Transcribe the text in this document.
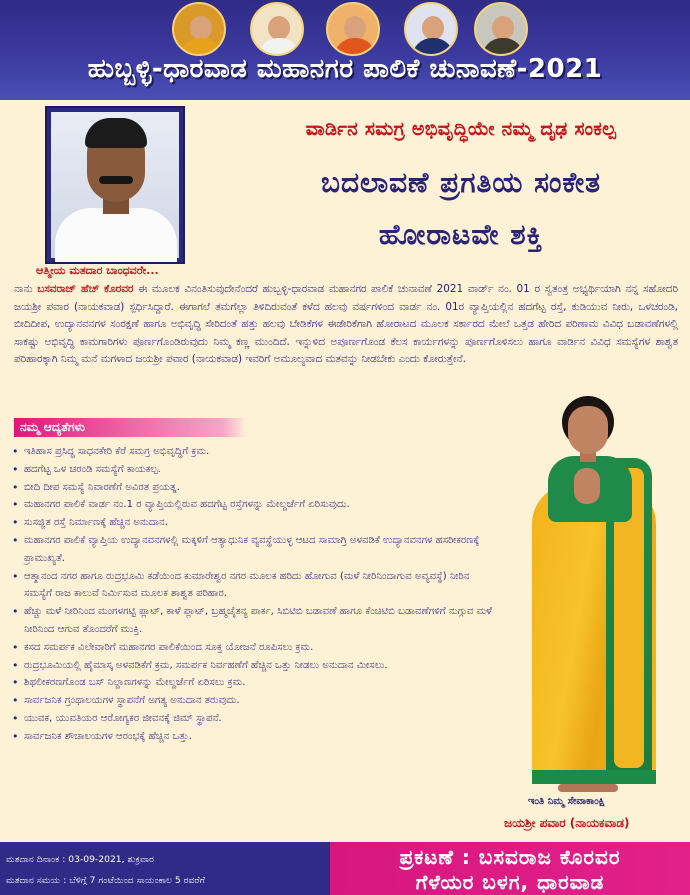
ಹುಬ್ಬಳ್ಳಿ-ಧಾರವಾಡ ಮಹಾನಗರ ಪಾಲಿಕೆ ಚುನಾವಣೆ-2021
ವಾರ್ಡಿನ ಸಮಗ್ರ ಅಭಿವೃದ್ಧಿಯೇ ನಮ್ಮ ದೃಢ ಸಂಕಲ್ಪ
ಬದಲಾವಣೆ ಪ್ರಗತಿಯ ಸಂಕೇತ
ಹೋರಾಟವೇ ಶಕ್ತಿ
ಆತ್ಮೀಯ ಮತದಾರ ಬಾಂಧವರೇ...

ನಾನು ಬಸವರಾಜ್ ಹೆಚ್ ಕೊರವರ ಈ ಮೂಲಕ ವಿನಂತಿಸುವುದೇನೆಂದರೆ ಹುಬ್ಬಳ್ಳಿ-ಧಾರವಾಡ ಮಹಾನಗರ ಪಾಲಿಕೆ ಚುನಾವಣೆ 2021 ವಾರ್ಡ್ ನಂ. 01 ರ ಸ್ವತಂತ್ರ ಅಭ್ಯರ್ಥಿಯಾಗಿ ನನ್ನ ಸಹೋದರಿ ಜಯಶ್ರೀ ಪವಾರ (ನಾಯಕವಾಡ) ಸ್ಪರ್ಧಿಸಿದ್ದಾರೆ. ಈಗಾಗಲೆ ತಮಗೆಲ್ಲಾ ತಿಳಿದಿರುವಂತೆ ಕಳೆದ ಹಲವು ವರ್ಷಗಳಿಂದ ವಾರ್ಡ ನಂ. 01ರ ವ್ಯಾಪ್ತಿಯಲ್ಲಿನ ಹದಗೆಟ್ಟ ರಸ್ತೆ, ಕುಡಿಯುವ ನೀರು, ಒಳಚರಂಡಿ, ಬೀದಿದೀಪ, ಉದ್ಯಾನವನಗಳ ಸಂರಕ್ಷಣೆ ಹಾಗೂ ಅಭಿವೃದ್ಧಿ ಸೇರಿದಂತೆ ಹತ್ತು ಹಲವು ಬೇಡಿಕೆಗಳ ಈಡೇರಿಕೆಗಾಗಿ ಹೋರಾಟದ ಮೂಲಕ ಸರ್ಕಾರದ ಮೇಲೆ ಒತ್ತಡ ಹೇರಿದ ಪರಿಣಾಮ ವಿವಿಧ ಬಡಾವಣೆಗಳಲ್ಲಿ ಸಾಕಷ್ಟು ಅಭಿವೃದ್ಧಿ ಕಾಮಗಾರಿಗಳು ಪೂರ್ಣಗೊಂಡಿರುವುದು ನಿಮ್ಮ ಕಣ್ಣ ಮುಂದಿದೆ. ಇನ್ನುಳಿದ ಅಪೂರ್ಣಗೊಂಡ ಕೆಲಸ ಕಾರ್ಯಗಳನ್ನು ಪೂರ್ಣಗೊಳಿಸಲು ಹಾಗೂ ವಾರ್ಡಿನ ವಿವಿಧ ಸಮಸ್ಯೆಗಳ ಶಾಶ್ವತ ಪರಿಹಾರಕ್ಕಾಗಿ ನಿಮ್ಮ ಮನೆ ಮಗಳಾದ ಜಯಶ್ರೀ ಪವಾರ (ನಾಯಕವಾಡ) ಇವರಿಗೆ ಅಮೂಲ್ಯವಾದ ಮತವನ್ನು ನೀಡಬೇಕು ಎಂದು ಕೋರುತ್ತೇನೆ.

ನಮ್ಮ ಆದ್ಯತೆಗಳು
• ಇತಿಹಾಸ ಪ್ರಸಿದ್ಧ ಸಾಧನಕೇರಿ ಕೆರೆ ಸಮಗ್ರ ಅಭಿವೃದ್ಧಿಗೆ ಕ್ರಮ.
• ಹದಗೆಟ್ಟ ಒಳ ಚರಂಡಿ ಸಮಸ್ಯೆಗೆ ಕಾಯಕಲ್ಪ.
• ಬೀದಿ ದೀಪ ಸಮಸ್ಯೆ ನಿವಾರಣೆಗೆ ಅವಿರತ ಪ್ರಯತ್ನ.
• ಮಹಾನಗರ ಪಾಲಿಕೆ ವಾರ್ಡ ನಂ.1 ರ ವ್ಯಾಪ್ತಿಯಲ್ಲಿರುವ ಹದಗೆಟ್ಟ ರಸ್ತೆಗಳನ್ನು ಮೇಲ್ದರ್ಜೆಗೆ ಏರಿಸುವುದು.
• ಸುಸಜ್ಜಿತ ರಸ್ತೆ ನಿರ್ಮಾಣಕ್ಕೆ ಹೆಚ್ಚಿನ ಅನುದಾನ.
• ಮಹಾನಗರ ಪಾಲಿಕೆ ವ್ಯಾಪ್ತಿಯ ಉದ್ಯಾನವನಗಳಲ್ಲಿ ಮಕ್ಕಳಿಗೆ ಆತ್ಯಾಧುನಿಕ ವ್ಯವಸ್ಥೆಯುಳ್ಳ ಆಟದ ಸಾಮಾಗ್ರಿ ಅಳವಡಿಕೆ ಉದ್ಯಾನವನಗಳ ಹಸರೀಕರಣಕ್ಕೆ ಪ್ರಾಮುಖ್ಯತೆ.
• ಆತ್ಮಾನಂದ ನಗರ ಹಾಗೂ ರುದ್ರಭೂಮಿ ಕಡೆಯಿಂದ ಕುಮಾರೇಶ್ವರ ನಗರ ಮೂಲಕ ಹರಿದು ಹೋಗುವ (ಮಳೆ ನೀರಿನಿಂದಾಗುವ ಅವ್ಯವಸ್ಥೆ) ನೀರಿನ ಸಮಸ್ಯೆಗೆ ರಾಜ ಕಾಲುವೆ ನಿರ್ಮಿಸುವ ಮೂಲಕ ಶಾಶ್ವತ ಪರಿಹಾರ.
• ಹೆಚ್ಚು ಮಳೆ ನೀರಿನಿಂದ ಮಂಗಳಗಟ್ಟಿ ಪ್ಲಾಟ್, ಕಾಳೆ ಪ್ಲಾಟ್, ಬ್ರಹ್ಮಚೈತನ್ಯ ಪಾರ್ಕ, ಸಿಬಿಟಿಬಿ ಬಡಾವಣೆ ಹಾಗೂ ಕೆಂಚಿಟಿಬಿ ಬಡಾವಣೆಗಳಿಗೆ ನುಗ್ಗುವ ಮಳೆ ನೀರಿನಿಂದ ಆಗುವ ತೊಂದರೆಗೆ ಮುಕ್ತಿ.
• ಕಸದ ಸಮರ್ಪಕ ವಿಲೇವಾರಿಗೆ ಮಹಾನಗರ ಪಾಲಿಕೆಯಿಂದ ಸೂಕ್ತ ಯೋಜನೆ ರೂಪಿಸಲು ಕ್ರಮ.
• ರುದ್ರಭೂಮಿಯಲ್ಲಿ ಹೈಮಾಸ್ಕ ಅಳವಡಿಕೆಗೆ ಕ್ರಮ, ಸಮರ್ಪಕ ನಿರ್ವಹಣೆಗೆ ಹೆಚ್ಚಿನ ಒತ್ತು ನೀಡಲು ಅನುದಾನ ಮೀಸಲು.
• ಶಿಥಲೀಕರಣಗೊಂಡ ಬಸ್ ನಿಲ್ದಾಣಗಳನ್ನು ಮೇಲ್ದರ್ಜೆಗೆ ಏರಿಸಲು ಕ್ರಮ.
• ಸಾರ್ವಜನಿಕ ಗ್ರಂಥಾಲಯಗಳ ಸ್ಥಾಪನೆಗೆ ಅಗತ್ಯ ಅನುದಾನ ತರುವುದು.
• ಯುವಕ, ಯುವತಿಯರ ಆರೋಗ್ಯಕರ ಜೀವನಕ್ಕೆ ಜಿಮ್ ಸ್ಥಾಪನೆ.
• ಸಾರ್ವಜನಿಕ ಶೌಚಾಲಯಗಳ ಆರಂಭಕ್ಕೆ ಹೆಚ್ಚಿನ ಒತ್ತು.
ಇಂತಿ ನಿಮ್ಮ ಸೇವಾಕಾಂಕ್ಷಿ
ಜಯಶ್ರೀ ಪವಾರ (ನಾಯಕವಾಡ)
ಮತದಾನ ದಿನಾಂಕ : 03-09-2021, ಶುಕ್ರವಾರ
ಮತದಾನ ಸಮಯ : ಬೆಳಿಗ್ಗೆ 7 ಗಂಟೆಯಿಂದ ಸಾಯಂಕಾಲ 5 ರವರೆಗೆ
ಪ್ರಕಟಣೆ : ಬಸವರಾಜ ಕೊರವರ
ಗೆಳೆಯರ ಬಳಗ, ಧಾರವಾಡ
